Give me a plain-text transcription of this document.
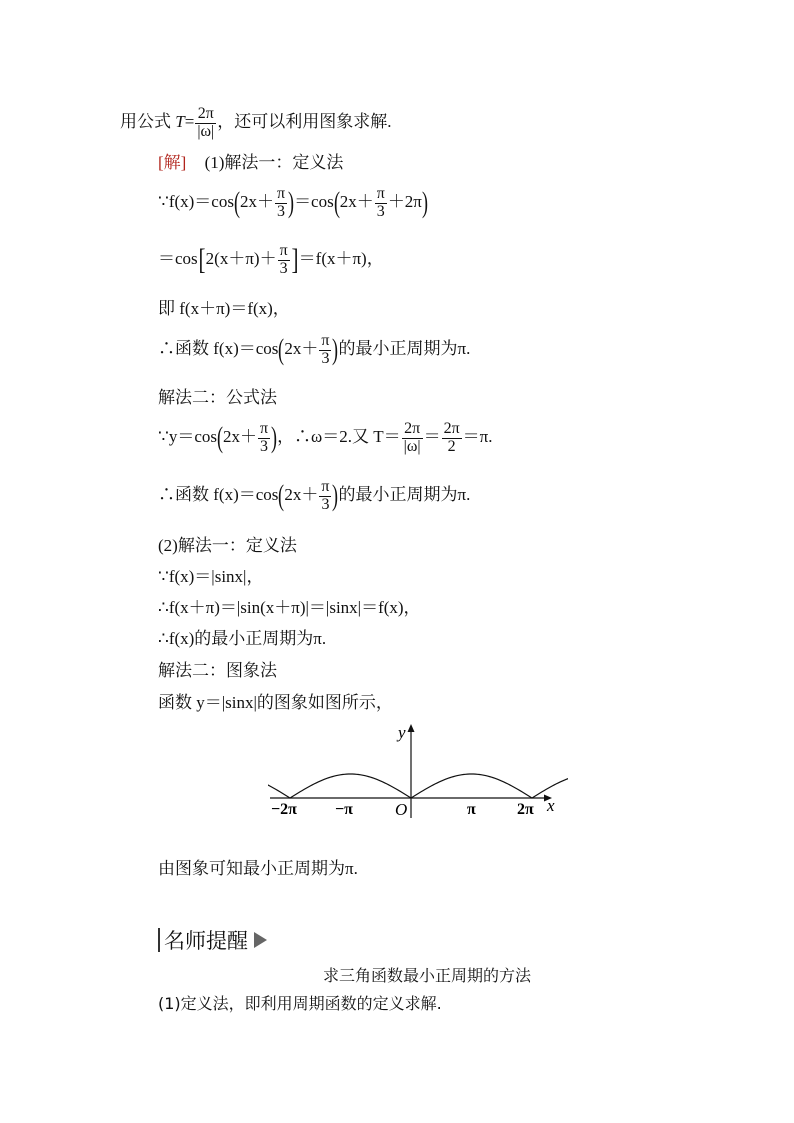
用公式 $T= \frac{2\pi}{|\omega|}$ ，还可以利用图象求解.
[解] (1)解法一：定义法
∵f(x)＝cos(2x＋ $\frac{\pi}{3} )=\cos(2x+ \frac{\pi}{3} +2\pi)$
$=\cos[2(x+\pi)+ \frac{\pi}{3} ]=f(x+\pi)$，
即 f(x＋π)＝f(x)，
∴函数 $f(x)=\cos(2x+ \frac{\pi}{3}$ )的最小正周期为π.
解法二：公式法
∵y＝cos(2x＋ $\frac{\pi}{3}$ )，∴ω＝2.又 $T= \frac{2\pi}{|\omega|} = \frac{2\pi}{2} =\pi$.
∴函数 $f(x)=\cos(2x+ \frac{\pi}{3}$ )的最小正周期为π.
(2)解法一：定义法
∵f(x)＝|sinx|，
∴f(x＋π)＝|sin(x＋π)|＝|sinx|＝f(x)，
∴f(x)的最小正周期为π.
解法二：图象法
函数 y＝|sinx|的图象如图所示，
y
x
O
−2π −π	π	2π
由图象可知最小正周期为π.
名师提醒
求三角函数最小正周期的方法
(1)定义法，即利用周期函数的定义求解.
